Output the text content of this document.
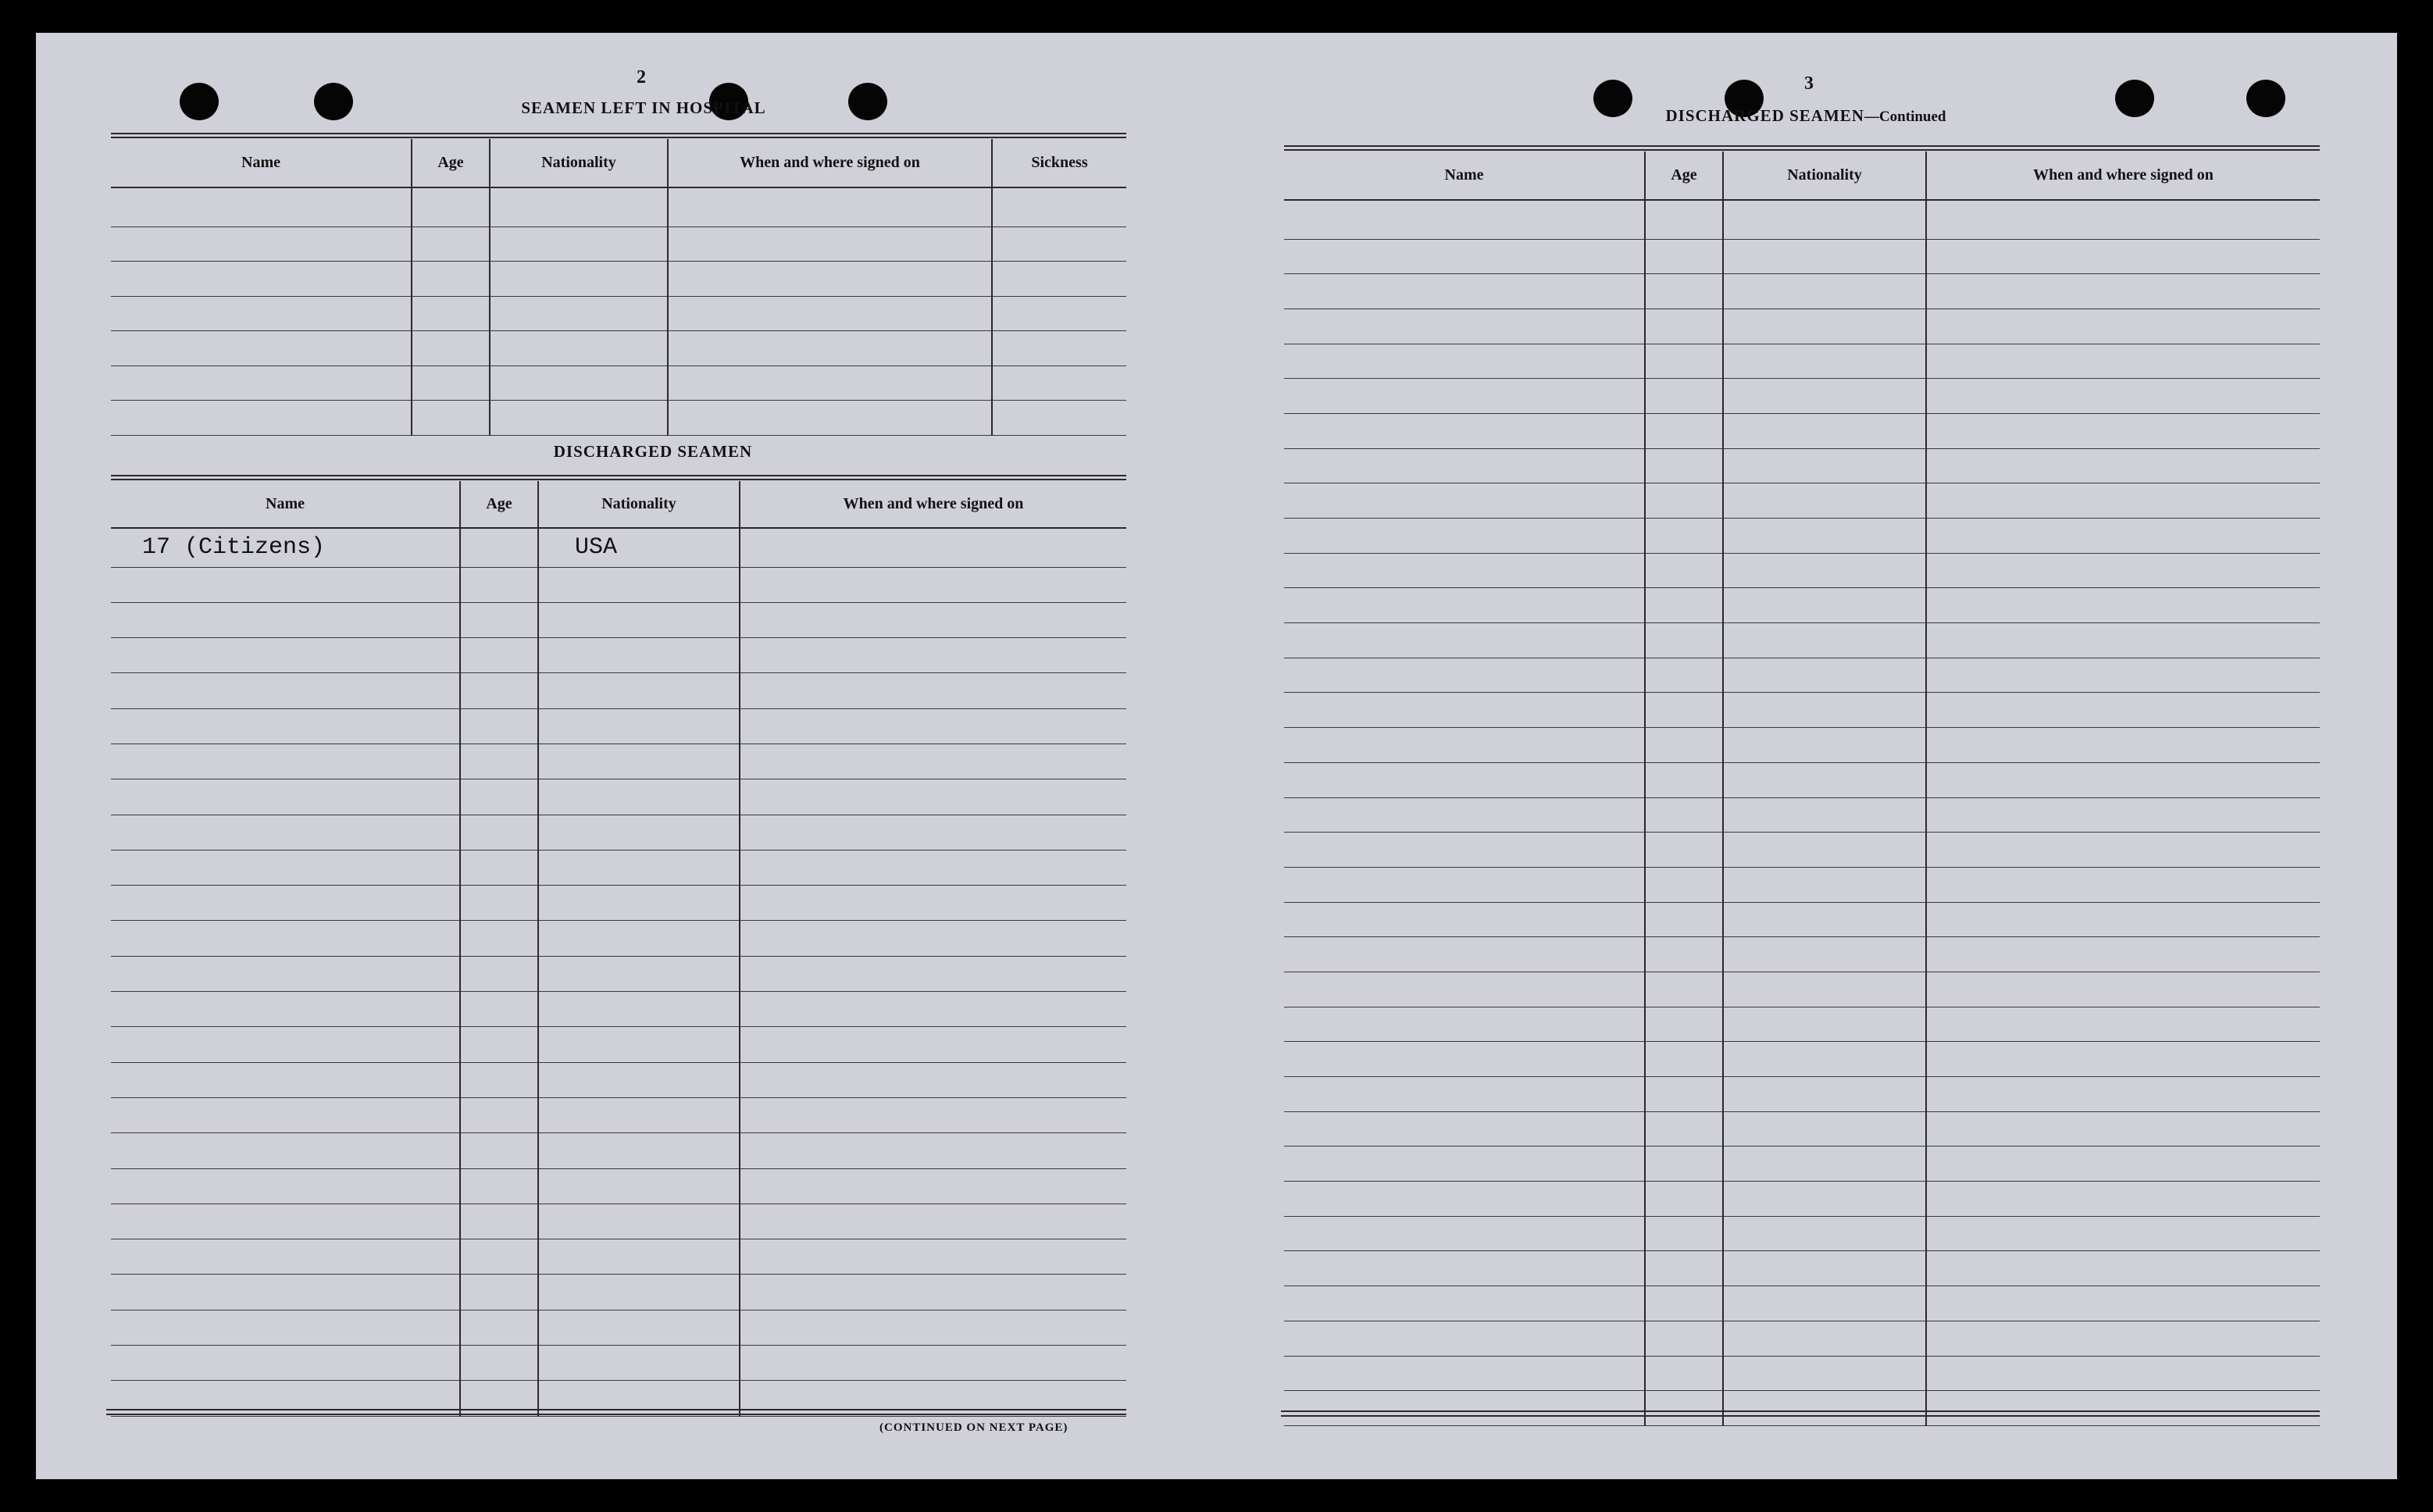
2
SEAMEN LEFT IN HOSPITAL
Name	Age	Nationality	When and where signed on	Sickness

DISCHARGED SEAMEN
Name	Age	Nationality	When and where signed on
17 (Citizens)		USA	

(CONTINUED ON NEXT PAGE)
3
DISCHARGED SEAMEN—Continued
Name	Age	Nationality	When and where signed on
